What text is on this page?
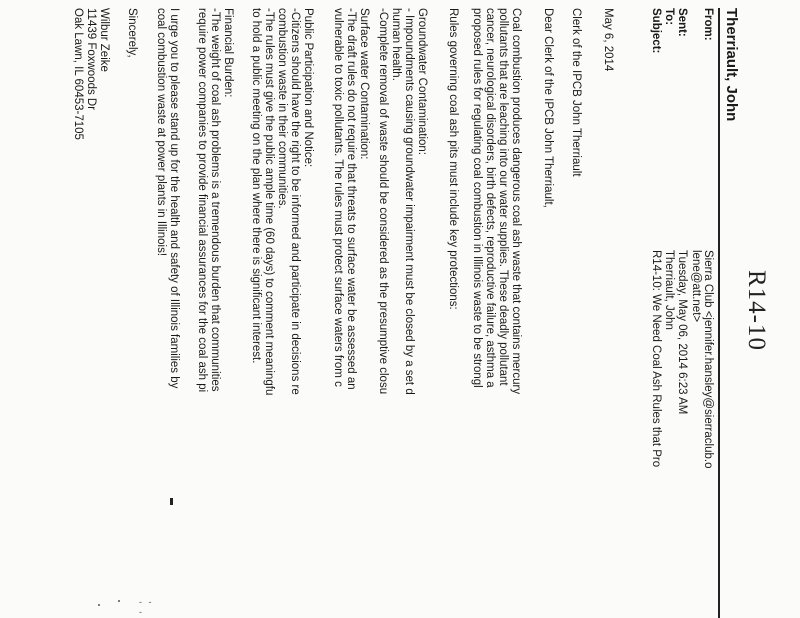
R14-10
Therriault, John
From:
Sierra Club <jennifer.hansley@sierraclub.o
lene@att.net>
Sent:
Tuesday, May 06, 2014 6:23 AM
To:
Therriault, John
Subject:
R14-10: We Need Coal Ash Rules that Pro
May 6, 2014
Clerk of the IPCB John Therriault
Dear Clerk of the IPCB John Therriault,
Coal combustion produces dangerous coal ash waste that contains mercury
pollutants that are leaching into our water supplies. These deadly pollutant
cancer, neurological disorders, birth defects, reproductive failure, asthma a
proposed rules for regulating coal combustion in Illinois waste to be strongl
Rules governing coal ash pits must include key protections:
Groundwater Contamination:
- Impoundments causing groundwater impairment must be closed by a set d
human health.
-Complete removal of waste should be considered as the presumptive closu
Surface water Contamination:
-The draft rules do not require that threats to surface water be assessed an
vulnerable to toxic pollutants. The rules must protect surface waters from c
Public Participation and Notice:
-Citizens should have the right to be informed and participate in decisions re
combustion waste in their communities.
-The rules must give the public ample time (60 days) to comment meaningfu
to hold a public meeting on the plan where there is significant interest.
Financial Burden:
-The weight of coal ash problems is a tremendous burden that communities
require power companies to provide financial assurances for the coal ash pi
I urge you to please stand up for the health and safety of Illinois families by
coal combustion waste at power plants in Illinois!
Sincerely,
Wilbur Zeike
11439 Foxwoods Dr
Oak Lawn, IL 60453-7105
- - -
